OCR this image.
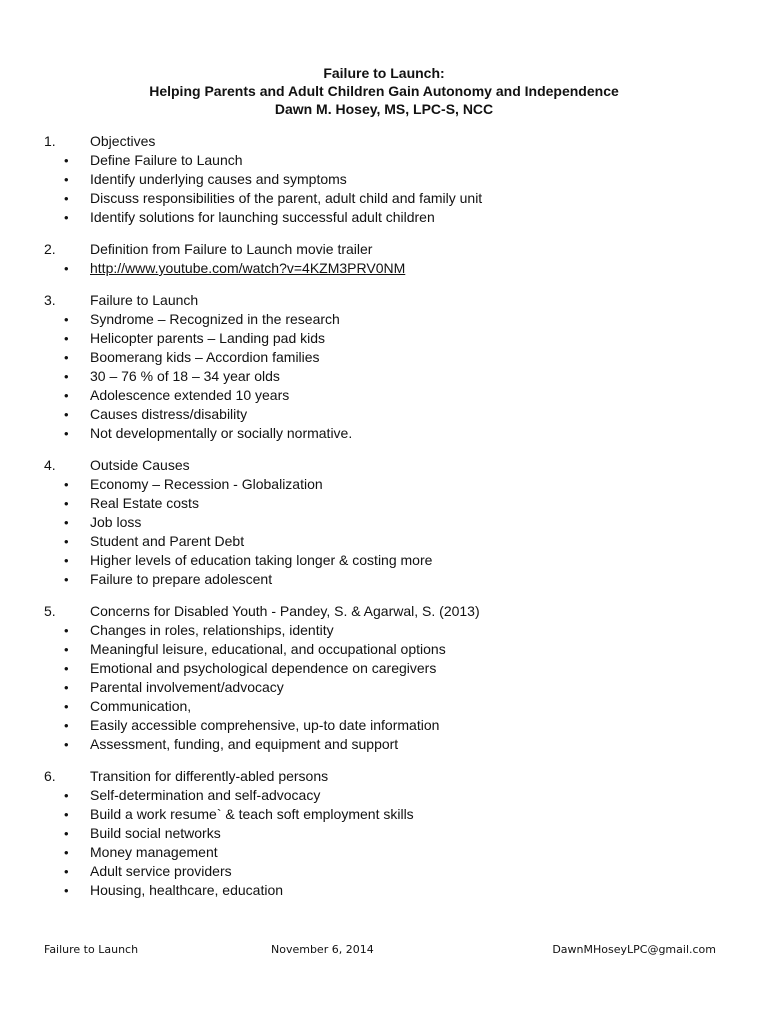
Failure to Launch:
Helping Parents and Adult Children Gain Autonomy and Independence
Dawn M. Hosey, MS, LPC-S, NCC
1.	Objectives
•	Define Failure to Launch
•	Identify underlying causes and symptoms
•	Discuss responsibilities of the parent, adult child and family unit
•	Identify solutions for launching successful adult children
2.	Definition from Failure to Launch movie trailer
•	http://www.youtube.com/watch?v=4KZM3PRV0NM
3.	Failure to Launch
•	Syndrome – Recognized in the research
•	Helicopter parents – Landing pad kids
•	Boomerang kids – Accordion families
•	30 – 76 % of 18 – 34 year olds
•	Adolescence extended 10 years
•	Causes distress/disability
•	Not developmentally or socially normative.
4.	Outside Causes
•	Economy – Recession - Globalization
•	Real Estate costs
•	Job loss
•	Student and Parent Debt
•	Higher levels of education taking longer & costing more
•	Failure to prepare adolescent
5.	Concerns for Disabled Youth - Pandey, S. & Agarwal, S. (2013)
•	Changes in roles, relationships, identity
•	Meaningful leisure, educational, and occupational options
•	Emotional and psychological dependence on caregivers
•	Parental involvement/advocacy
•	Communication,
•	Easily accessible comprehensive, up-to date information
•	Assessment, funding, and equipment and support
6.	Transition for differently-abled persons
•	Self-determination and self-advocacy
•	Build a work resume` & teach soft employment skills
•	Build social networks
•	Money management
•	Adult service providers
•	Housing, healthcare, education
Failure to Launch	November 6, 2014	DawnMHoseyLPC@gmail.com
